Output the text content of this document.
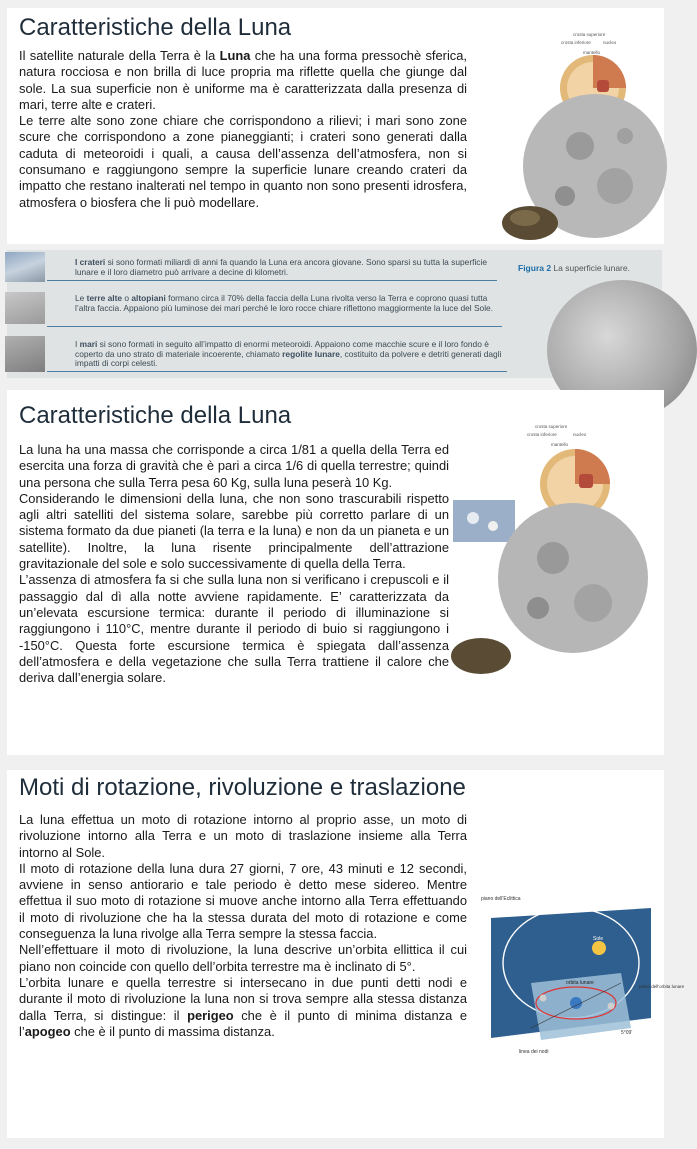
Caratteristiche della Luna

Il satellite naturale della Terra è la Luna che ha una forma pressochè sferica, natura rocciosa e non brilla di luce propria ma riflette quella che giunge dal sole. La sua superficie non è uniforme ma è caratterizzata dalla presenza di mari, terre alte e crateri.

Le terre alte sono zone chiare che corrispondono a rilievi; i mari sono zone scure che corrispondono a zone pianeggianti; i crateri sono generati dalla caduta di meteoroidi i quali, a causa dell’assenza dell’atmosfera, non si consumano e raggiungono sempre la superficie lunare creando crateri da impatto che restano inalterati nel tempo in quanto non sono presenti idrosfera, atmosfera o biosfera che li può modellare.

crosta superiore
crosta inferiore	nucleo
mantello
I crateri si sono formati miliardi di anni fa quando la Luna era ancora giovane. Sono sparsi su tutta la superficie lunare e il loro diametro può arrivare a decine di kilometri.
Le terre alte o altopiani formano circa il 70% della faccia della Luna rivolta verso la Terra e coprono quasi tutta l’altra faccia. Appaiono più luminose dei mari perché le loro rocce chiare riflettono maggiormente la luce del Sole.
I mari si sono formati in seguito all’impatto di enormi meteoroidi. Appaiono come macchie scure e il loro fondo è coperto da uno strato di materiale incoerente, chiamato regolite lunare, costituito da polvere e detriti generati dagli impatti di corpi celesti.
Figura 2 La superficie lunare.
Caratteristiche della Luna

La luna ha una massa che corrisponde a circa 1/81 a quella della Terra ed esercita una forza di gravità che è pari a circa 1/6 di quella terrestre; quindi una persona che sulla Terra pesa 60 Kg, sulla luna peserà 10 Kg.

Considerando le dimensioni della luna, che non sono trascurabili rispetto agli altri satelliti del sistema solare, sarebbe più corretto parlare di un sistema formato da due pianeti (la terra e la luna) e non da un pianeta e un satellite). Inoltre, la luna risente principalmente dell’attrazione gravitazionale del sole e solo successivamente di quella della Terra.

L’assenza di atmosfera fa si che sulla luna non si verificano i crepuscoli e il passaggio dal dì alla notte avviene rapidamente. E’ caratterizzata da un’elevata escursione termica: durante il periodo di illuminazione si raggiungono i 110°C, mentre durante il periodo di buio si raggiungono i -150°C. Questa forte escursione termica è spiegata dall’assenza dell’atmosfera e della vegetazione che sulla Terra trattiene il calore che deriva dall’energia solare.

crosta superiore
crosta inferiore	nucleo
mantello
Moti di rotazione, rivoluzione e traslazione

La luna effettua un moto di rotazione intorno al proprio asse, un moto di rivoluzione intorno alla Terra e un moto di traslazione insieme alla Terra intorno al Sole.

Il moto di rotazione della luna dura 27 giorni, 7 ore, 43 minuti e 12 secondi, avviene in senso antiorario e tale periodo è detto mese sidereo. Mentre effettua il suo moto di rotazione si muove anche intorno alla Terra effettuando il moto di rivoluzione che ha la stessa durata del moto di rotazione e come conseguenza la luna rivolge alla Terra sempre la stessa faccia.

Nell’effettuare il moto di rivoluzione, la luna descrive un’orbita ellittica il cui piano non coincide con quello dell’orbita terrestre ma è inclinato di 5°.

L’orbita lunare e quella terrestre si intersecano in due punti detti nodi e durante il moto di rivoluzione la luna non si trova sempre alla stessa distanza dalla Terra, si distingue: il perigeo che è il punto di minima distanza e l’apogeo che è il punto di massima distanza.

piano dell'Eclittica
orbita terrestre
Sole
orbita lunare
linea dei nodi
5°09'
piano dell'orbita lunare
